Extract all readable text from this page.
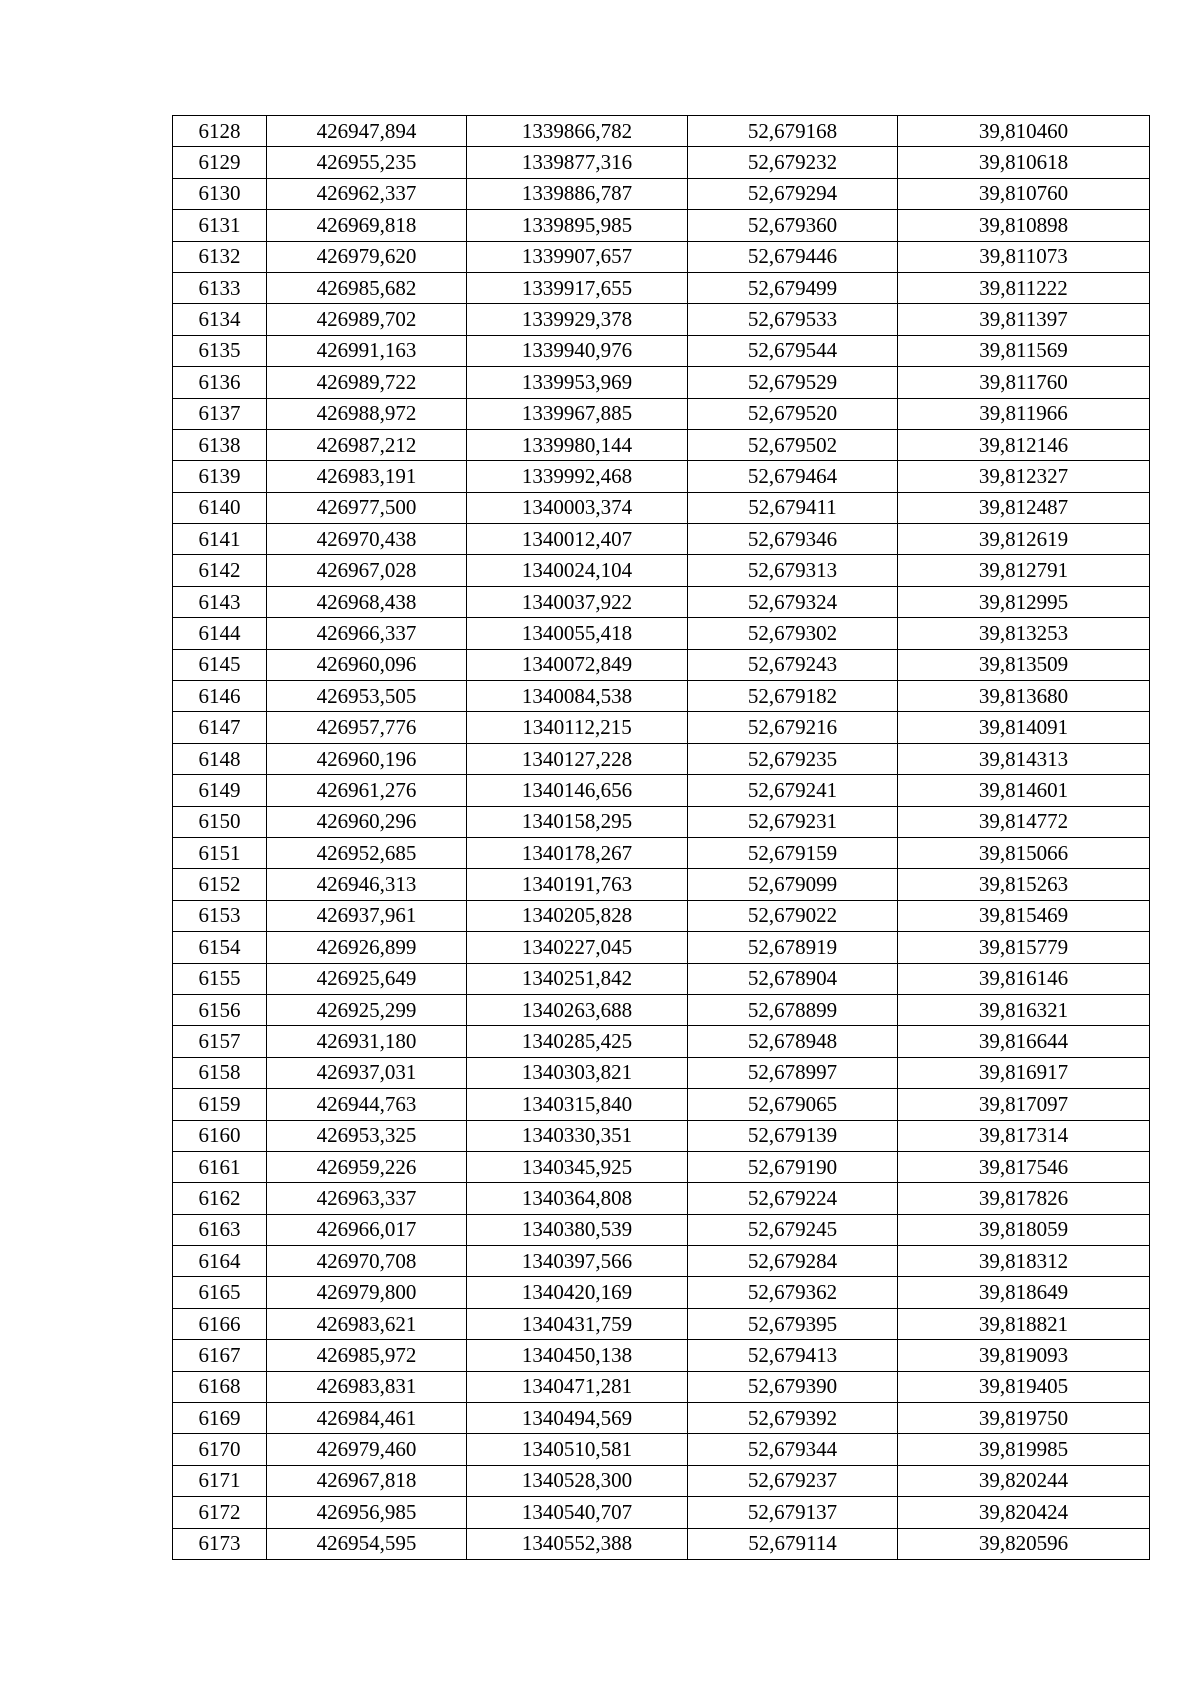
6128	426947,894	1339866,782	52,679168	39,810460
6129	426955,235	1339877,316	52,679232	39,810618
6130	426962,337	1339886,787	52,679294	39,810760
6131	426969,818	1339895,985	52,679360	39,810898
6132	426979,620	1339907,657	52,679446	39,811073
6133	426985,682	1339917,655	52,679499	39,811222
6134	426989,702	1339929,378	52,679533	39,811397
6135	426991,163	1339940,976	52,679544	39,811569
6136	426989,722	1339953,969	52,679529	39,811760
6137	426988,972	1339967,885	52,679520	39,811966
6138	426987,212	1339980,144	52,679502	39,812146
6139	426983,191	1339992,468	52,679464	39,812327
6140	426977,500	1340003,374	52,679411	39,812487
6141	426970,438	1340012,407	52,679346	39,812619
6142	426967,028	1340024,104	52,679313	39,812791
6143	426968,438	1340037,922	52,679324	39,812995
6144	426966,337	1340055,418	52,679302	39,813253
6145	426960,096	1340072,849	52,679243	39,813509
6146	426953,505	1340084,538	52,679182	39,813680
6147	426957,776	1340112,215	52,679216	39,814091
6148	426960,196	1340127,228	52,679235	39,814313
6149	426961,276	1340146,656	52,679241	39,814601
6150	426960,296	1340158,295	52,679231	39,814772
6151	426952,685	1340178,267	52,679159	39,815066
6152	426946,313	1340191,763	52,679099	39,815263
6153	426937,961	1340205,828	52,679022	39,815469
6154	426926,899	1340227,045	52,678919	39,815779
6155	426925,649	1340251,842	52,678904	39,816146
6156	426925,299	1340263,688	52,678899	39,816321
6157	426931,180	1340285,425	52,678948	39,816644
6158	426937,031	1340303,821	52,678997	39,816917
6159	426944,763	1340315,840	52,679065	39,817097
6160	426953,325	1340330,351	52,679139	39,817314
6161	426959,226	1340345,925	52,679190	39,817546
6162	426963,337	1340364,808	52,679224	39,817826
6163	426966,017	1340380,539	52,679245	39,818059
6164	426970,708	1340397,566	52,679284	39,818312
6165	426979,800	1340420,169	52,679362	39,818649
6166	426983,621	1340431,759	52,679395	39,818821
6167	426985,972	1340450,138	52,679413	39,819093
6168	426983,831	1340471,281	52,679390	39,819405
6169	426984,461	1340494,569	52,679392	39,819750
6170	426979,460	1340510,581	52,679344	39,819985
6171	426967,818	1340528,300	52,679237	39,820244
6172	426956,985	1340540,707	52,679137	39,820424
6173	426954,595	1340552,388	52,679114	39,820596
